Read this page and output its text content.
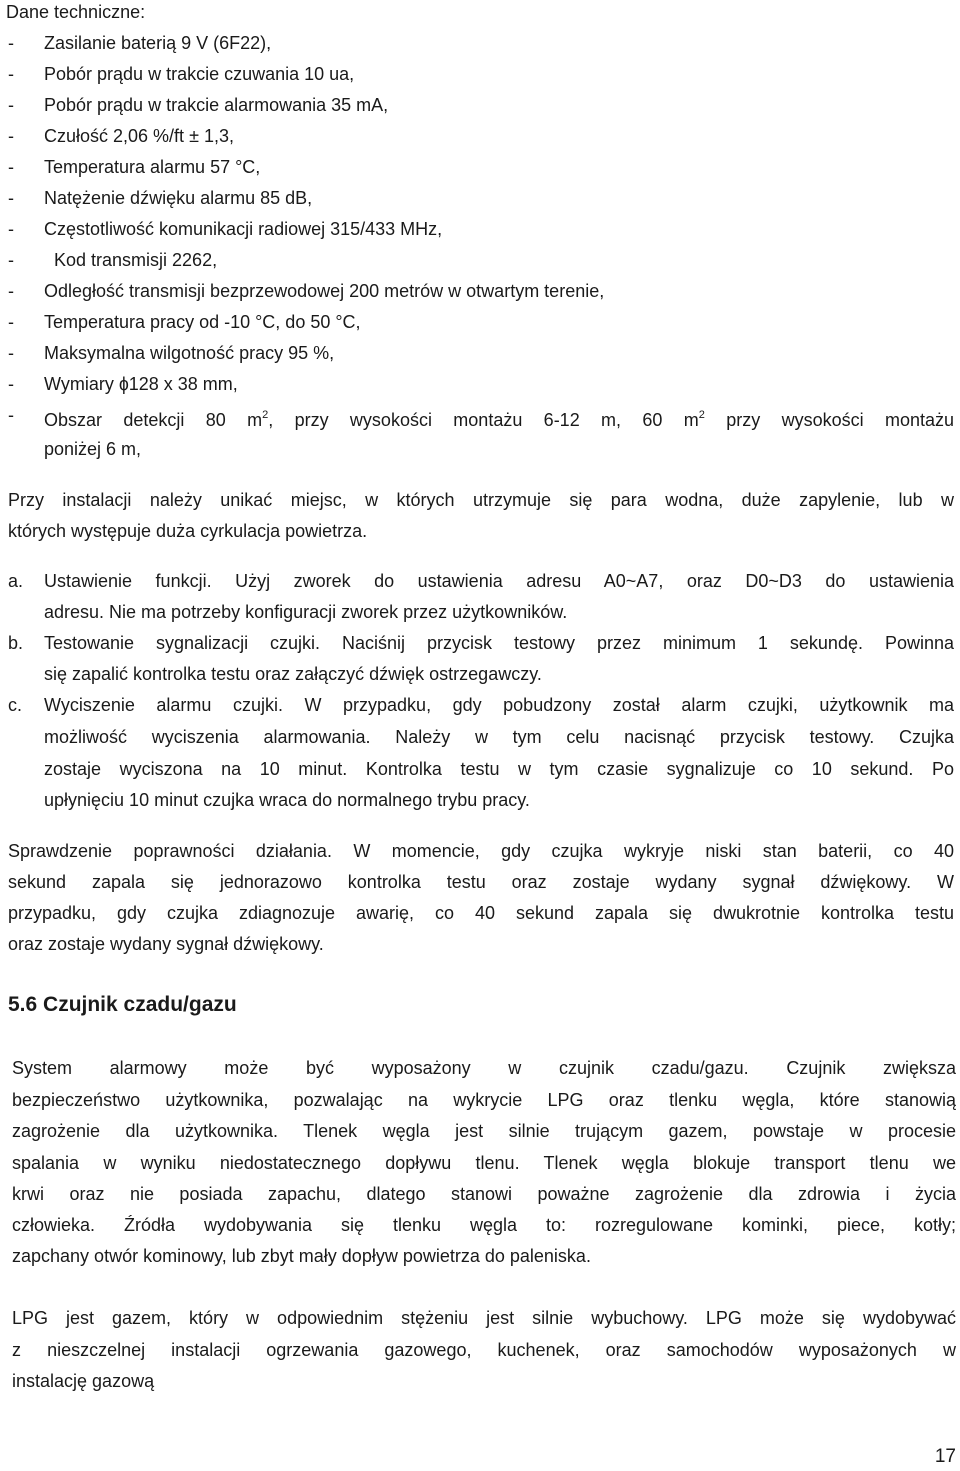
Dane techniczne:
- Zasilanie baterią 9 V (6F22),
- Pobór prądu w trakcie czuwania 10 ua,
- Pobór prądu w trakcie alarmowania 35 mA,
- Czułość 2,06 %/ft ± 1,3,
- Temperatura alarmu 57 °C,
- Natężenie dźwięku alarmu 85 dB,
- Częstotliwość komunikacji radiowej 315/433 MHz,
- Kod transmisji 2262,
- Odległość transmisji bezprzewodowej 200 metrów w otwartym terenie,
- Temperatura pracy od -10 °C, do 50 °C,
- Maksymalna wilgotność pracy 95 %,
- Wymiary ɸ128 x 38 mm,
- Obszar detekcji 80 $m^2$, przy wysokości montażu 6-12 m, 60 $m^2$ przy wysokości montażu
poniżej 6 m,
Przy instalacji należy unikać miejsc, w których utrzymuje się para wodna, duże zapylenie, lub w
których występuje duża cyrkulacja powietrza.
a. Ustawienie funkcji. Użyj zworek do ustawienia adresu A0~A7, oraz D0~D3 do ustawienia
adresu. Nie ma potrzeby konfiguracji zworek przez użytkowników.
b. Testowanie sygnalizacji czujki. Naciśnij przycisk testowy przez minimum 1 sekundę. Powinna
się zapalić kontrolka testu oraz załączyć dźwięk ostrzegawczy.
c. Wyciszenie alarmu czujki. W przypadku, gdy pobudzony został alarm czujki, użytkownik ma
możliwość wyciszenia alarmowania. Należy w tym celu nacisnąć przycisk testowy. Czujka
zostaje wyciszona na 10 minut. Kontrolka testu w tym czasie sygnalizuje co 10 sekund. Po
upłynięciu 10 minut czujka wraca do normalnego trybu pracy.
Sprawdzenie poprawności działania. W momencie, gdy czujka wykryje niski stan baterii, co 40
sekund zapala się jednorazowo kontrolka testu oraz zostaje wydany sygnał dźwiękowy. W
przypadku, gdy czujka zdiagnozuje awarię, co 40 sekund zapala się dwukrotnie kontrolka testu
oraz zostaje wydany sygnał dźwiękowy.
5.6 Czujnik czadu/gazu
System alarmowy może być wyposażony w czujnik czadu/gazu. Czujnik zwiększa
bezpieczeństwo użytkownika, pozwalając na wykrycie LPG oraz tlenku węgla, które stanowią
zagrożenie dla użytkownika. Tlenek węgla jest silnie trującym gazem, powstaje w procesie
spalania w wyniku niedostatecznego dopływu tlenu. Tlenek węgla blokuje transport tlenu we
krwi oraz nie posiada zapachu, dlatego stanowi poważne zagrożenie dla zdrowia i życia
człowieka. Źródła wydobywania się tlenku węgla to: rozregulowane kominki, piece, kotły;
zapchany otwór kominowy, lub zbyt mały dopływ powietrza do paleniska.
LPG jest gazem, który w odpowiednim stężeniu jest silnie wybuchowy. LPG może się wydobywać
z nieszczelnej instalacji ogrzewania gazowego, kuchenek, oraz samochodów wyposażonych w
instalację gazową
17
